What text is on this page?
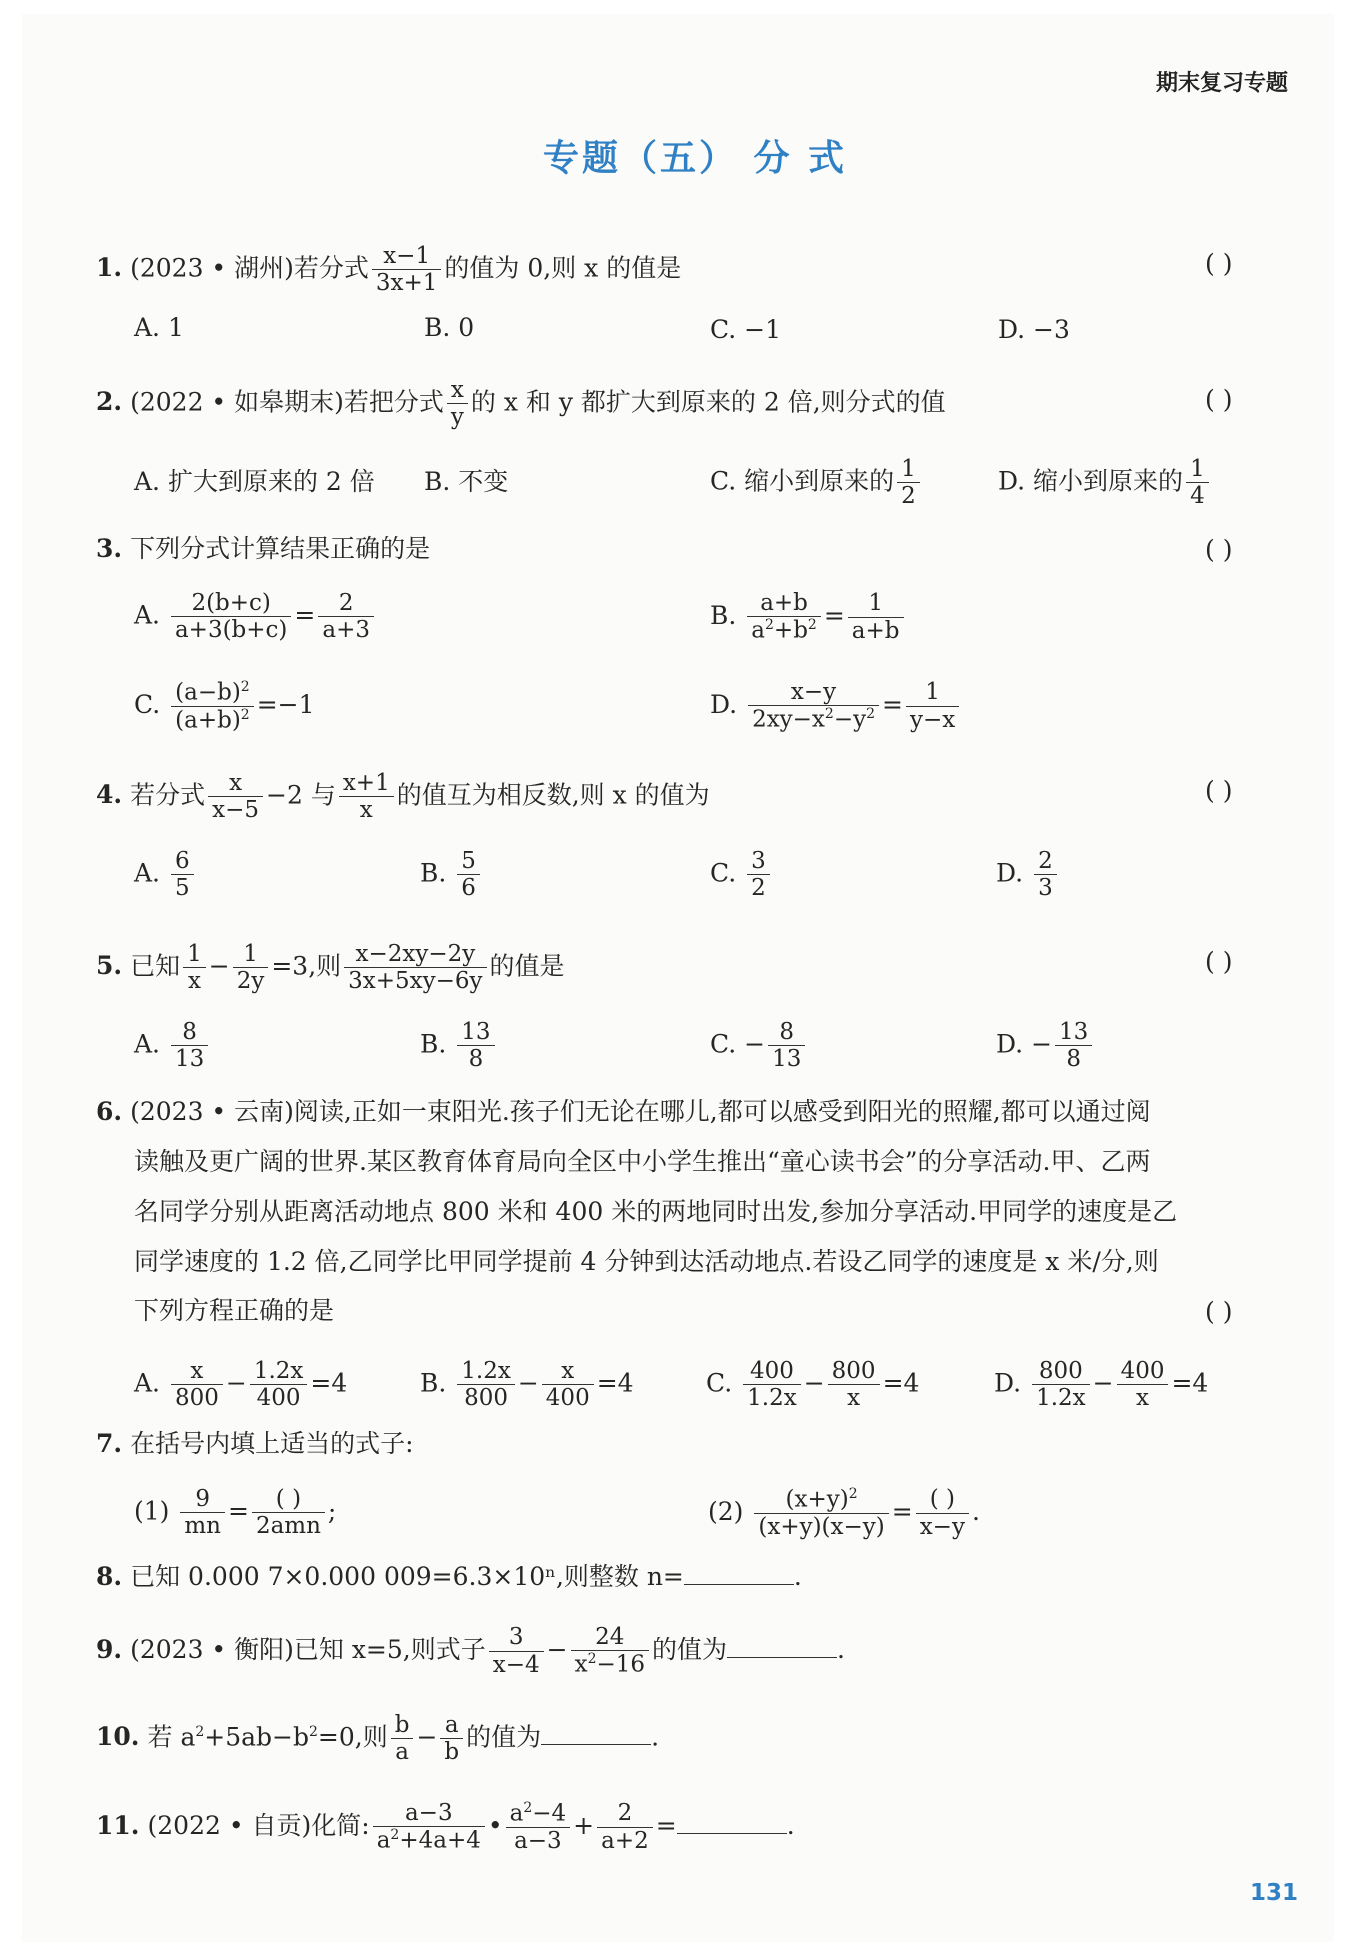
期末复习专题
专题（五） 分 式
1. (2023 • 湖州)若分式 $\frac{x-1}{3x+1}$ 的值为 0,则 x 的值是	( )
A. 1	B. 0	C. −1	D. −3
2. (2022 • 如皋期末)若把分式 $\frac{x}{y}$ 的 x 和 y 都扩大到原来的 2 倍,则分式的值	( )
A. 扩大到原来的 2 倍 B. 不变	C. 缩小到原来的 $\frac{1}{2}$	D. 缩小到原来的 $\frac{1}{4}$
3. 下列分式计算结果正确的是	( )
A. $\frac{2(b+c)}{a+3(b+c)} = \frac{2}{a+3}$	B. $\frac{a+b}{a^2+b^2} = \frac{1}{a+b}$
C. $\frac{(a-b)^2}{(a+b)^2} =-1$	D. $\frac{x-y}{2xy-x^2-y^2} = \frac{1}{y-x}$
4. 若分式 $\frac{x}{x-5} -2$ 与 $\frac{x+1}{x}$ 的值互为相反数,则 x 的值为	( )
A. $\frac{6}{5}$	B. $\frac{5}{6}$	C. $\frac{3}{2}$	D. $\frac{2}{3}$
5. 已知 $\frac{1}{x} - \frac{1}{2y} =3$,则 $\frac{x-2xy-2y}{3x+5xy-6y}$ 的值是	( )
A. $\frac{8}{13}$	B. $\frac{13}{8}$	C. − $\frac{8}{13}$	D. − $\frac{13}{8}$
6. (2023 • 云南)阅读,正如一束阳光.孩子们无论在哪儿,都可以感受到阳光的照耀,都可以通过阅
读触及更广阔的世界.某区教育体育局向全区中小学生推出“童心读书会”的分享活动.甲、乙两
名同学分别从距离活动地点 800 米和 400 米的两地同时出发,参加分享活动.甲同学的速度是乙
同学速度的 1.2 倍,乙同学比甲同学提前 4 分钟到达活动地点.若设乙同学的速度是 x 米/分,则
下列方程正确的是	( )
A. $\frac{x}{800} - \frac{1.2x}{400} =4$	B. $\frac{1.2x}{800} - \frac{x}{400} =4$	C. $\frac{400}{1.2x} - \frac{800}{x} =4$	D. $\frac{800}{1.2x} - \frac{400}{x} =4$
7. 在括号内填上适当的式子:
$(1) \frac{9}{mn}$ =	( )
2amn
;	$(2) \frac{(x+y)^2}{(x+y)(x-y)}$ = ( )
x−y
.
8. 已知 0.000 7×0.000 009=6.3×10ⁿ,则整数 n=	.
9. (2023 • 衡阳)已知 x=5,则式子 $\frac{3}{x-4} - \frac{24}{x^2-16}$ 的值为	.
10. 若 $a^2+5ab-b^2=0$,则 $\frac{b}{a} - \frac{a}{b}$ 的值为	.
11. (2022 • 自贡)化简: $\frac{a-3}{a^2+4a+4}$ • $\frac{a^2-4}{a-3} + \frac{2}{a+2}$ =	.
131
